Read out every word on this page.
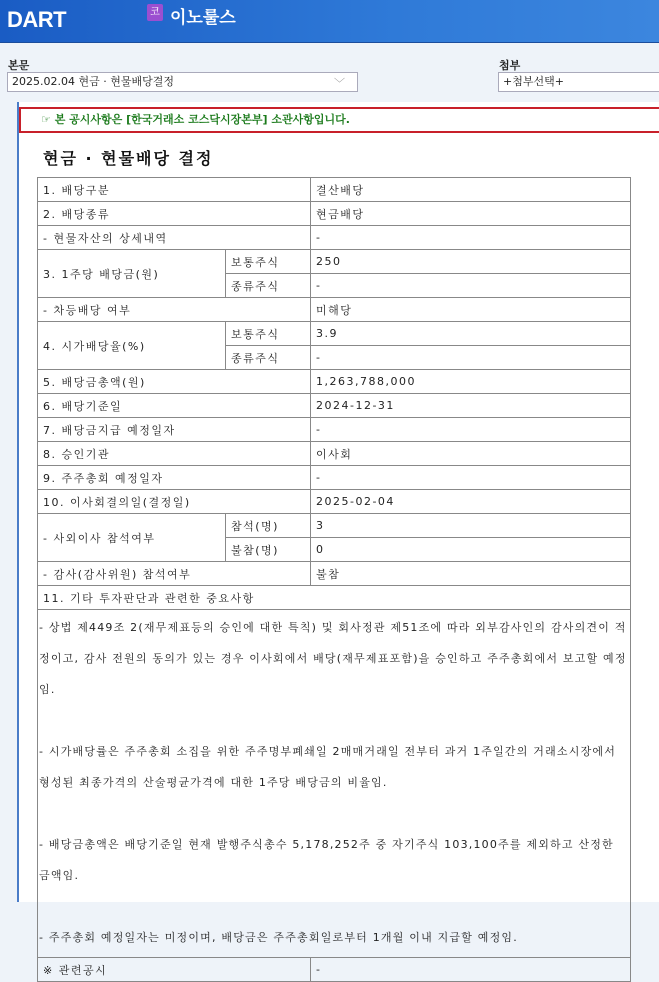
DART	코 이노룰스
본문
2025.02.04 현금 · 현물배당결정	﹀
첨부
+첨부선택+
☞ 본 공시사항은 [한국거래소 코스닥시장본부] 소관사항입니다.
현금 · 현물배당 결정
1. 배당구분		결산배당
2. 배당종류		현금배당
- 현물자산의 상세내역		-
3. 1주당 배당금(원)	보통주식	250
	종류주식	-
- 차등배당 여부		미해당
4. 시가배당율(%)	보통주식	3.9
	종류주식	-
5. 배당금총액(원)		1,263,788,000
6. 배당기준일		2024-12-31
7. 배당금지급 예정일자		-
8. 승인기관		이사회
9. 주주총회 예정일자		-
10. 이사회결의일(결정일)		2025-02-04
- 사외이사 참석여부	참석(명)	3
	불참(명)	0
- 감사(감사위원) 참석여부		불참
11. 기타 투자판단과 관련한 중요사항		

- 상법 제449조 2(재무제표등의 승인에 대한 특칙) 및 회사정관 제51조에 따라 외부감사인의 감사의견이 적정이고, 감사 전원의 동의가 있는 경우 이사회에서 배당(재무제표포함)을 승인하고 주주총회에서 보고할 예정임.

- 시가배당률은 주주총회 소집을 위한 주주명부폐쇄일 2매매거래일 전부터 과거 1주일간의 거래소시장에서 형성된 최종가격의 산술평균가격에 대한 1주당 배당금의 비율임.

- 배당금총액은 배당기준일 현재 발행주식총수 5,178,252주 중 자기주식 103,100주를 제외하고 산정한 금액임.

- 주주총회 예정일자는 미정이며, 배당금은 주주총회일로부터 1개월 이내 지급할 예정임.		

※ 관련공시		-
